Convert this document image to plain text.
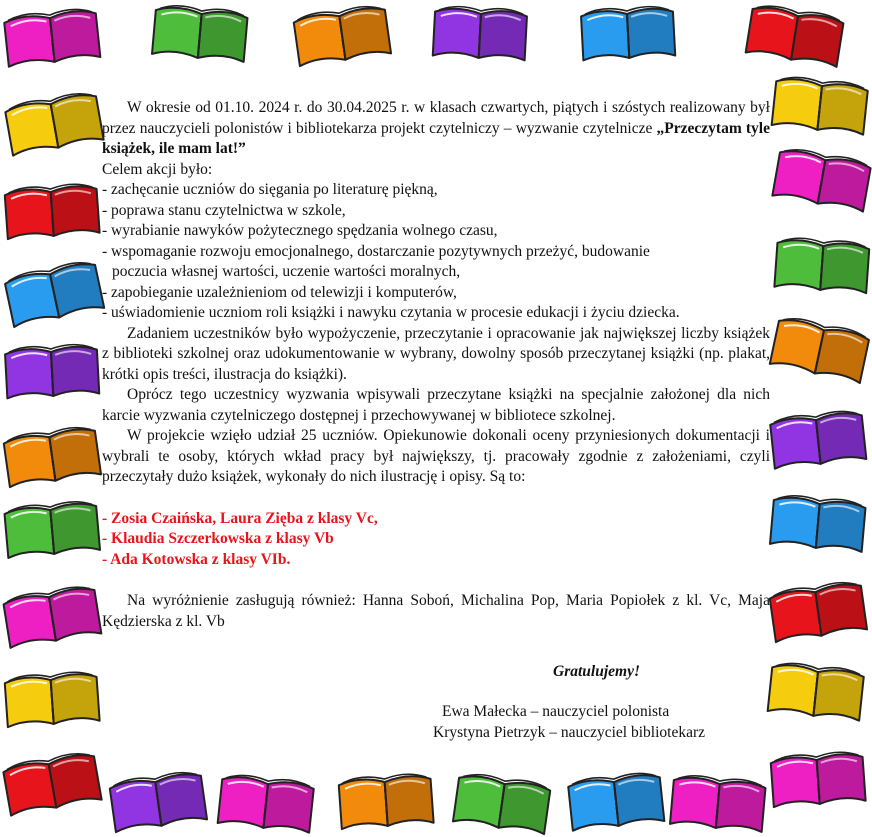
W okresie od 01.10. 2024 r. do 30.04.2025 r. w klasach czwartych, piątych i szóstych realizowany był przez nauczycieli polonistów i bibliotekarza projekt czytelniczy – wyzwanie czytelnicze „Przeczytam tyle książek, ile mam lat!”

Celem akcji było:

- zachęcanie uczniów do sięgania po literaturę piękną,
- poprawa stanu czytelnictwa w szkole,
- wyrabianie nawyków pożytecznego spędzania wolnego czasu,
- wspomaganie rozwoju emocjonalnego, dostarczanie pozytywnych przeżyć, budowanie
poczucia własnej wartości, uczenie wartości moralnych,
- zapobieganie uzależnieniom od telewizji i komputerów,
- uświadomienie uczniom roli książki i nawyku czytania w procesie edukacji i życiu dziecka.

Zadaniem uczestników było wypożyczenie, przeczytanie i opracowanie jak największej liczby książek z biblioteki szkolnej oraz udokumentowanie w wybrany, dowolny sposób przeczytanej książki (np. plakat, krótki opis treści, ilustracja do książki).

Oprócz tego uczestnicy wyzwania wpisywali przeczytane książki na specjalnie założonej dla nich karcie wyzwania czytelniczego dostępnej i przechowywanej w bibliotece szkolnej.

W projekcie wzięło udział 25 uczniów. Opiekunowie dokonali oceny przyniesionych dokumentacji i wybrali te osoby, których wkład pracy był największy, tj. pracowały zgodnie z założeniami, czyli przeczytały dużo książek, wykonały do nich ilustrację i opisy. Są to:

- Zosia Czaińska, Laura Zięba z klasy Vc,
- Klaudia Szczerkowska z klasy Vb
- Ada Kotowska z klasy VIb.

Na wyróżnienie zasługują również: Hanna Soboń, Michalina Pop, Maria Popiołek z kl. Vc, Maja Kędzierska z kl. Vb

Gratulujemy!
Ewa Małecka – nauczyciel polonista
Krystyna Pietrzyk – nauczyciel bibliotekarz
